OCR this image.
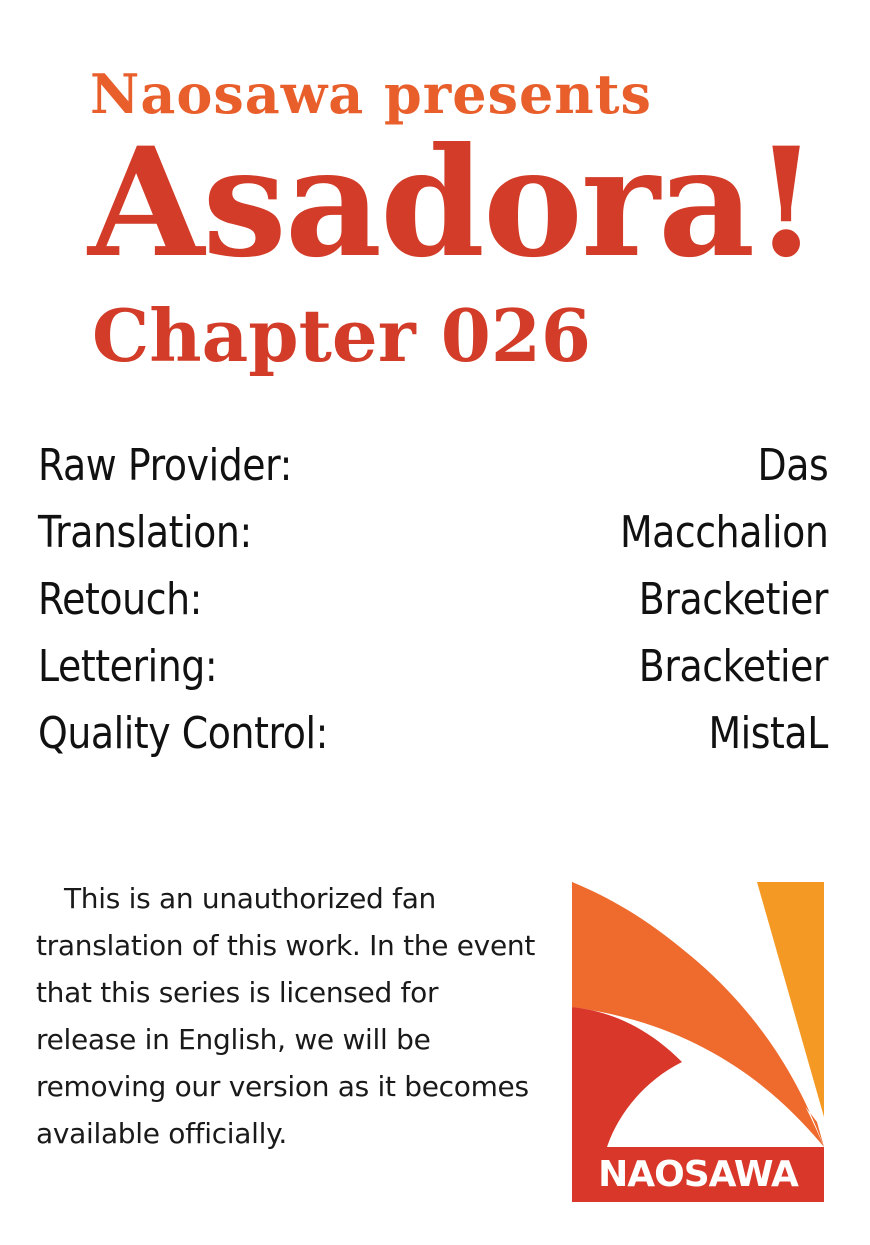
Naosawa presents
Asadora!
Chapter 026
Raw Provider:	Das
Translation:	Macchalion
Retouch:	Bracketier
Lettering:	Bracketier
Quality Control:	MistaL
This is an unauthorized fan translation of this work. In the event that this series is licensed for release in English, we will be removing our version as it becomes available officially.
NAOSAWA
